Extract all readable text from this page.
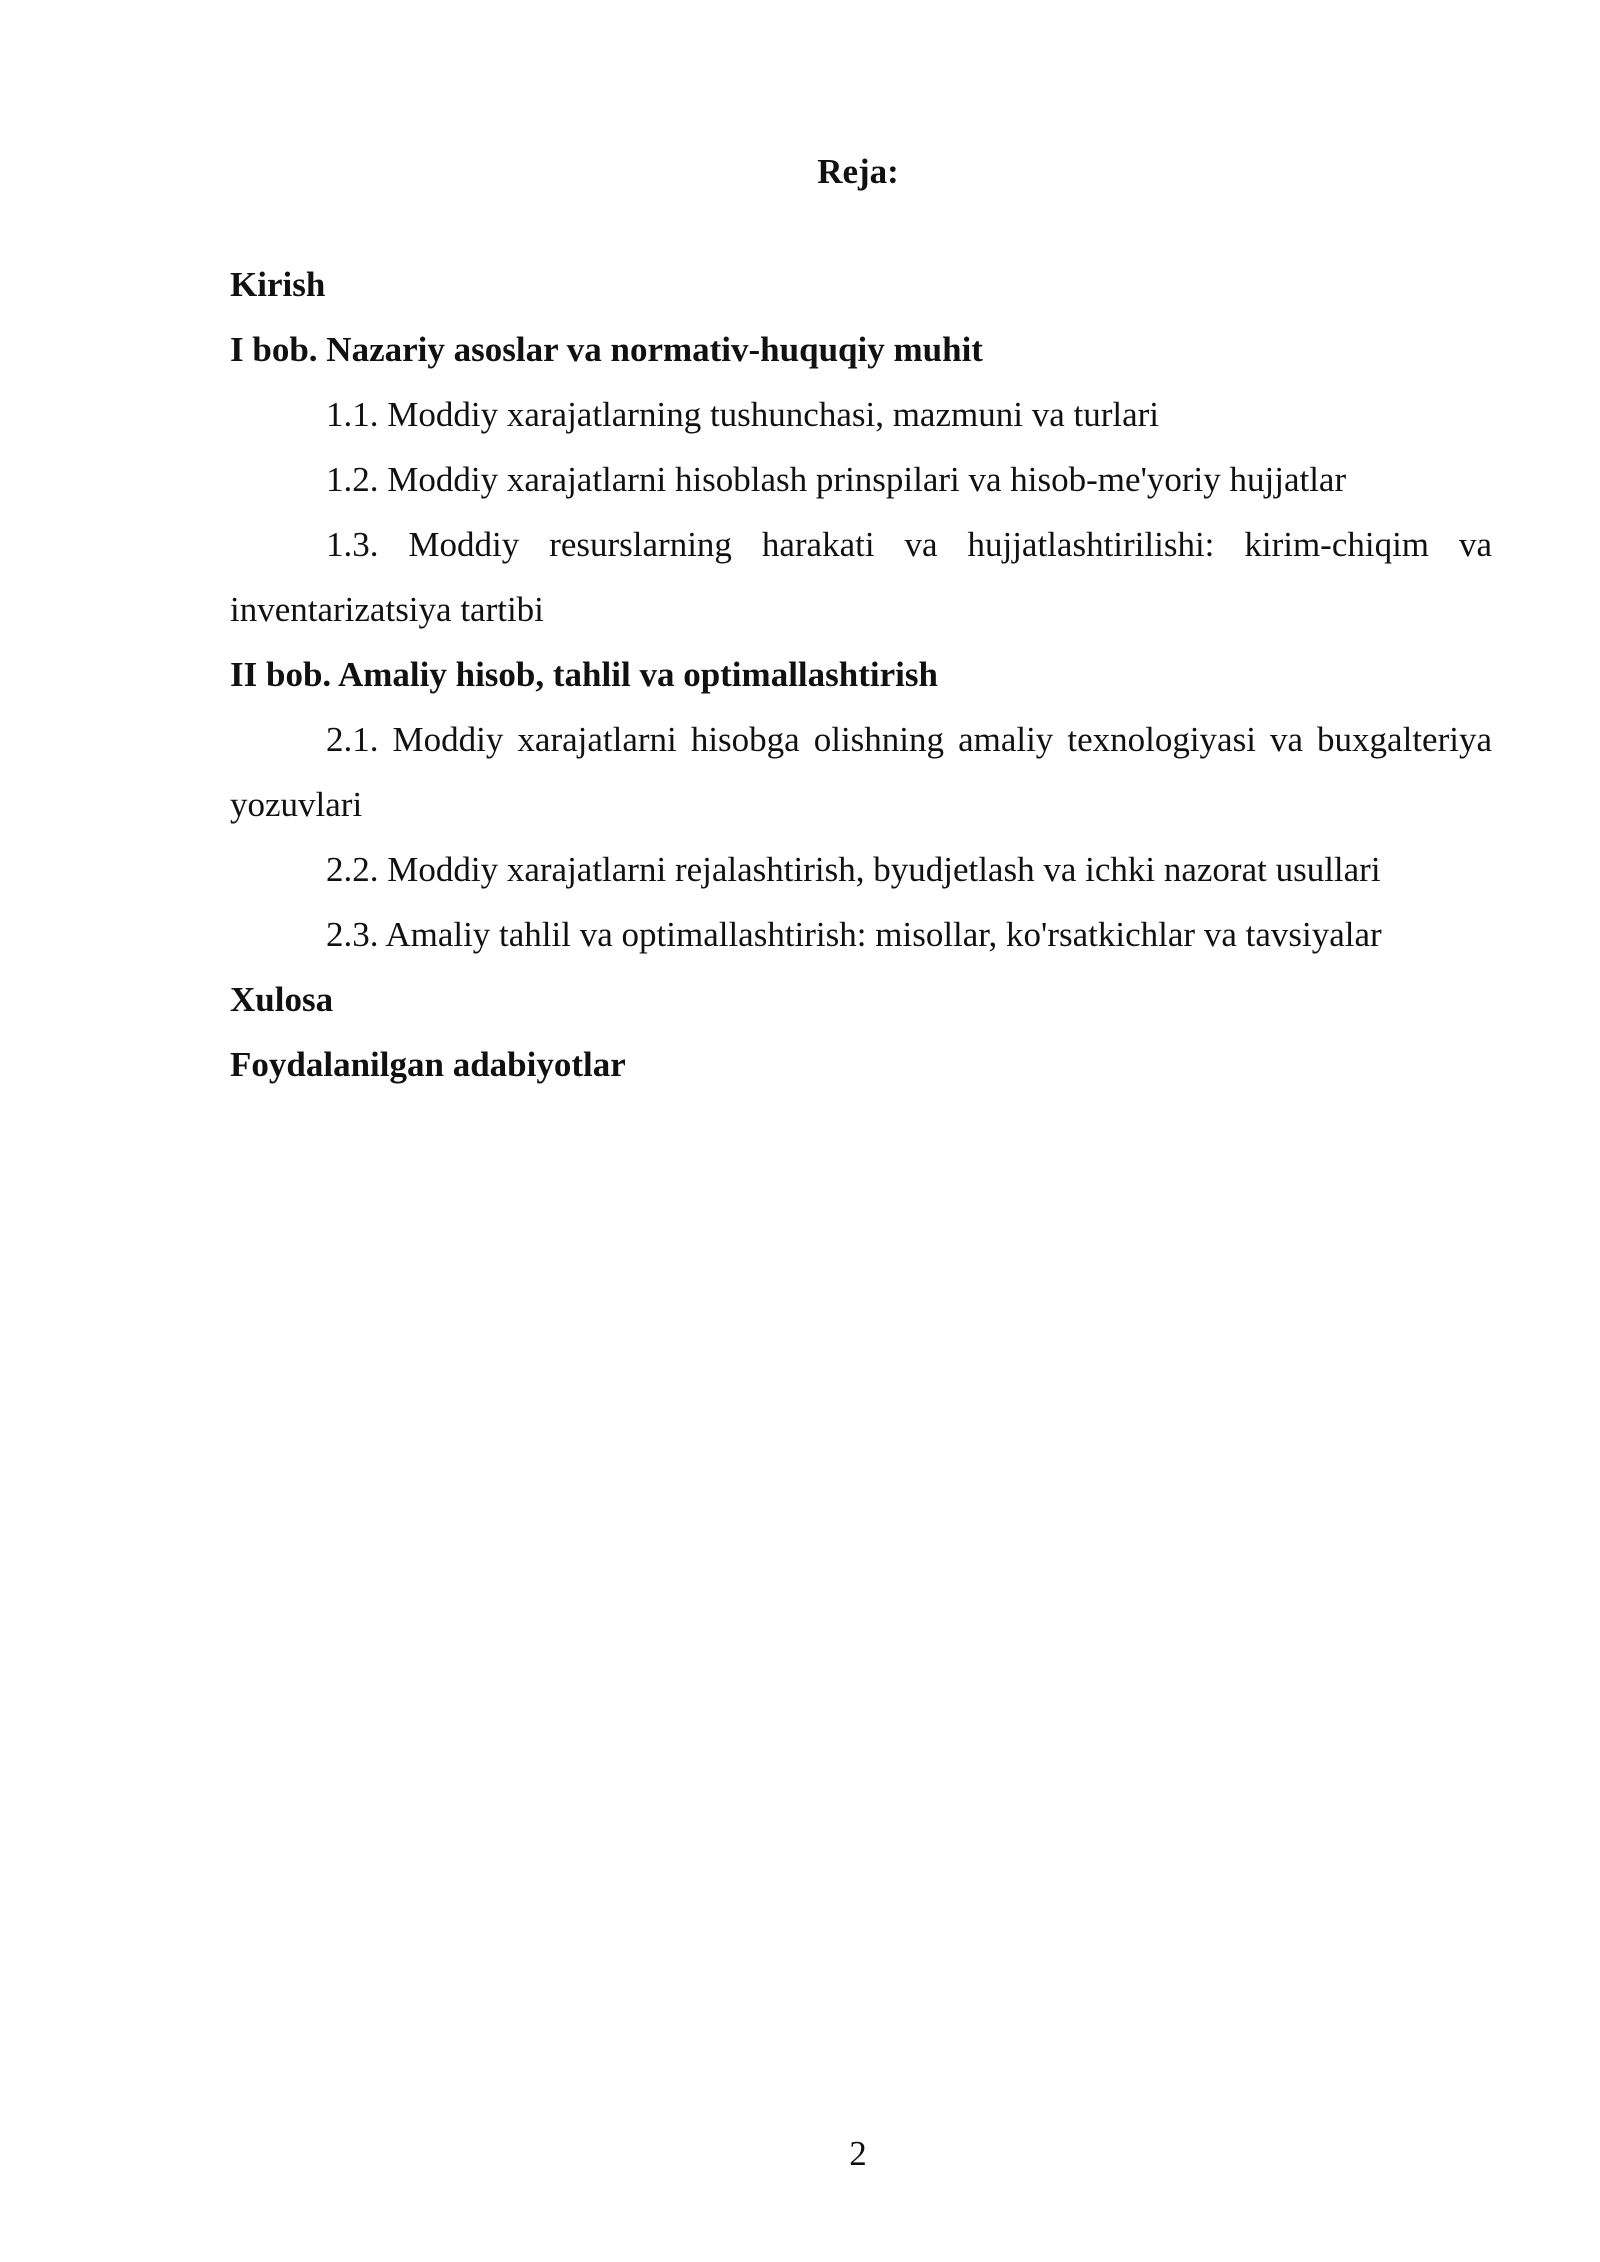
Reja:
Kirish
I bob. Nazariy asoslar va normativ-huquqiy muhit
1.1. Moddiy xarajatlarning tushunchasi, mazmuni va turlari
1.2. Moddiy xarajatlarni hisoblash prinspilari va hisob-me'yoriy hujjatlar
1.3. Moddiy resurslarning harakati va hujjatlashtirilishi: kirim-chiqim va inventarizatsiya tartibi
II bob. Amaliy hisob, tahlil va optimallashtirish
2.1. Moddiy xarajatlarni hisobga olishning amaliy texnologiyasi va buxgalteriya yozuvlari
2.2. Moddiy xarajatlarni rejalashtirish, byudjetlash va ichki nazorat usullari
2.3. Amaliy tahlil va optimallashtirish: misollar, ko'rsatkichlar va tavsiyalar
Xulosa
Foydalanilgan adabiyotlar
2
